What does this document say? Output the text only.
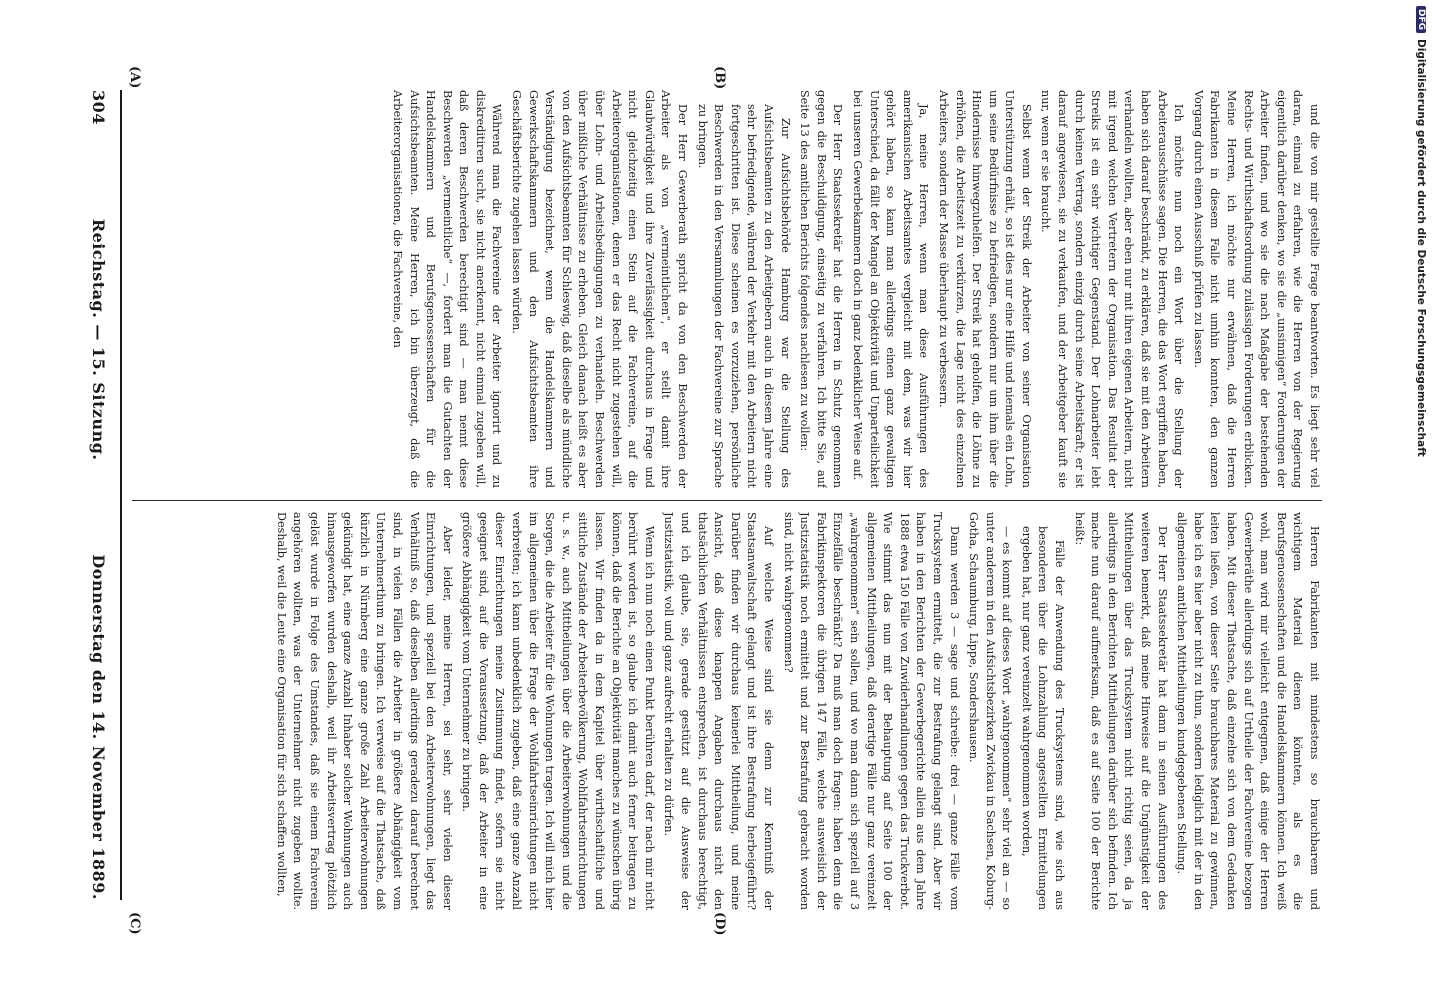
DFG
Digitalisierung gefördert durch die Deutsche Forschungsgemeinschaft
304
Reichstag. — 15. Sitzung.
Donnerstag den 14. November 1889.
(A)	(B)
(C)	(D)

und die von mir gestellte Frage beantworten. Es liegt sehr viel daran, einmal zu erfahren, wie die Herren von der Regierung eigentlich darüber denken, wo sie die „unsinnigen“ Forderungen der Arbeiter finden, und wo sie die nach Maßgabe der bestehenden Rechts- und Wirthschaftsordnung zulässigen Forderungen erblicken. Meine Herren, ich möchte nur erwähnen, daß die Herren Fabrikanten in diesem Falle nicht umhin konnten, den ganzen Vorgang durch einen Ausschuß prüfen zu lassen.

Ich möchte nun noch ein Wort über die Stellung der Arbeiterausschüsse sagen. Die Herren, die das Wort ergriffen haben, haben sich darauf beschränkt, zu erklären, daß sie mit den Arbeitern verhandeln wollten, aber eben nur mit ihren eigenen Arbeitern, nicht mit irgend welchen Vertretern der Organisation. Das Resultat der Streiks ist ein sehr wichtiger Gegenstand. Der Lohnarbeiter lebt durch keinen Vertrag, sondern einzig durch seine Arbeitskraft; er ist darauf angewiesen, sie zu verkaufen, und der Arbeitgeber kauft sie nur, wenn er sie braucht.

Selbst wenn der Streik der Arbeiter von seiner Organisation Unterstützung erhält, so ist dies nur eine Hilfe und niemals ein Lohn, um seine Bedürfnisse zu befriedigen, sondern nur um ihm über die Hindernisse hinwegzuhelfen. Der Streik hat geholfen, die Löhne zu erhöhen, die Arbeitszeit zu verkürzen, die Lage nicht des einzelnen Arbeiters, sondern der Masse überhaupt zu verbessern.

Ja, meine Herren, wenn man diese Ausführungen des amerikanischen Arbeitsamtes vergleicht mit dem, was wir hier gehört haben, so kann man allerdings einen ganz gewaltigen Unterschied, da fällt der Mangel an Objektivität und Unparteilichkeit bei unseren Gewerbekammern doch in ganz bedenklicher Weise auf.

Der Herr Staatssekretär hat die Herren in Schutz genommen gegen die Beschuldigung, einseitig zu verfahren. Ich bitte Sie, auf Seite 13 des amtlichen Berichts folgendes nachlesen zu wollen:

Zur Aufsichtsbehörde Hamburg war die Stellung des Aufsichtsbeamten zu den Arbeitgebern auch in diesem Jahre eine sehr befriedigende, während der Verkehr mit den Arbeitern nicht fortgeschritten ist. Diese scheinen es vorzuziehen, persönliche Beschwerden in den Versammlungen der Fachvereine zur Sprache zu bringen.

Der Herr Gewerberath spricht da von den Beschwerden der Arbeiter als von „vermeintlichen“, er stellt damit ihre Glaubwürdigkeit und ihre Zuverlässigkeit durchaus in Frage und nicht gleichzeitig einen Stein auf die Fachvereine, auf die Arbeiterorganisationen, denen er das Recht nicht zugestehen will, über Lohn- und Arbeitsbedingungen zu verhandeln. Beschwerden über mißliche Verhältnisse zu erheben. Gleich danach heißt es aber von den Aufsichtsbeamten für Schleswig, daß dieselbe als mündliche Verständigung bezeichnet, wenn die Handelskammern und Gewerkschaftskammern und den Aufsichtsbeamten ihre Geschäftsberichte zugehen lassen würden.

Während man die Fachvereine der Arbeiter ignorirt und zu diskreditiren sucht, sie nicht anerkennt, nicht einmal zugeben will, daß deren Beschwerden berechtigt sind — man nennt diese Beschwerden „vermeintliche“ —, fordert man die Gutachten der Handelskammern und Berufsgenossenschaften für die Aufsichtsbeamten. Meine Herren, ich bin überzeugt, daß die Arbeiterorganisationen, die Fachvereine, den

Herren Fabrikanten mit mindestens so brauchbarem und wichtigem Material dienen könnten, als es die Berufsgenossenschaften und die Handelskammern können. Ich weiß wohl, man wird mir vielleicht entgegnen, daß einige der Herren Gewerberäthe allerdings sich auf Urtheile der Fachvereine bezogen haben. Mit dieser Thatsache, daß einzelne sich von dem Gedanken leiten ließen, von dieser Seite brauchbares Material zu gewinnen, habe ich es hier aber nicht zu thun, sondern lediglich mit der in den allgemeinen amtlichen Mittheilungen kundgegebenen Stellung.

Der Herr Staatssekretär hat dann in seinen Ausführungen des weiteren bemerkt, daß meine Hinweise auf die Ungünstigkeit der Mittheilungen über das Trucksystem nicht richtig seien, da ja allerdings in den Berichten Mittheilungen darüber sich befinden. Ich mache nun darauf aufmerksam, daß es auf Seite 100 der Berichte heißt:

Fälle der Anwendung des Trucksystems sind, wie sich aus besonderen über die Lohnzahlung angestellten Ermittelungen ergeben hat, nur ganz vereinzelt wahrgenommen worden,

— es kommt auf dieses Wort „wahrgenommen“ sehr viel an — so unter anderem in den Aufsichtsbezirken Zwickau in Sachsen, Koburg-Gotha, Schaumburg, Lippe, Sondershausen.

Dann werden 3 — sage und schreibe: drei — ganze Fälle vom Trucksystem ermittelt, die zur Bestrafung gelangt sind. Aber wir haben in den Berichten der Gewerbegerichte allein aus dem Jahre 1888 etwa 150 Fälle von Zuwiderhandlungen gegen das Truckverbot. Wie stimmt das nun mit der Behauptung auf Seite 100 der allgemeinen Mittheilungen, daß derartige Fälle nur ganz vereinzelt „wahrgenommen“ sein sollen, und wo man dann sich speziell auf 3 Einzelfälle beschränkt? Da muß man doch fragen: haben denn die Fabrikinspektoren die übrigen 147 Fälle, welche ausweislich der Justizstatistik noch ermittelt und zur Bestrafung gebracht worden sind, nicht wahrgenommen?

Auf welche Weise sind sie denn zur Kenntniß der Staatsanwaltschaft gelangt und ist ihre Bestrafung herbeigeführt? Darüber finden wir durchaus keinerlei Mittheilung, und meine Ansicht, daß diese knappen Angaben durchaus nicht den thatsächlichen Verhältnissen entsprechen, ist durchaus berechtigt, und ich glaube, sie, gerade gestützt auf die Ausweise der Justizstatistik, voll und ganz aufrecht erhalten zu dürfen.

Wenn ich nun noch einen Punkt berühren darf, der nach mir nicht berührt worden ist, so glaube ich damit auch ferner beitragen zu können, daß die Berichte an Objektivität manches zu wünschen übrig lassen. Wir finden da in dem Kapitel über wirthschaftliche und sittliche Zustände der Arbeiterbevölkerung, Wohlfahrtseinrichtungen u. s. w., auch Mittheilungen über die Arbeiterwohnungen und die Sorgen, die die Arbeiter für die Wohnungen tragen. Ich will mich hier im allgemeinen über die Frage der Wohlfahrtseinrichtungen nicht verbreiten; ich kann unbedenklich zugeben, daß eine ganze Anzahl dieser Einrichtungen meine Zustimmung findet, sofern sie nicht geeignet sind, auf die Voraussetzung, daß der Arbeiter in eine größere Abhängigkeit vom Unternehmer zu bringen.

Aber leider, meine Herren, sei sehr, sehr vielen dieser Einrichtungen, und speziell bei den Arbeiterwohnungen, liegt das Verhältniß so, daß dieselben allerdings geradezu darauf berechnet sind, in vielen Fällen die Arbeiter in größere Abhängigkeit vom Unternehmerthum zu bringen. Ich verweise auf die Thatsache, daß kürzlich in Nürnberg eine ganze große Zahl Arbeiterwohnungen gekündigt hat, eine ganze Anzahl Inhaber solcher Wohnungen auch hinausgeworfen wurden deshalb, weil ihr Arbeitsvertrag plötzlich gelöst wurde in Folge des Umstandes, daß sie einem Fachverein angehören wollten, was der Unternehmer nicht zugeben wollte. Deshalb, weil die Leute eine Organisation für sich schaffen wollten,
